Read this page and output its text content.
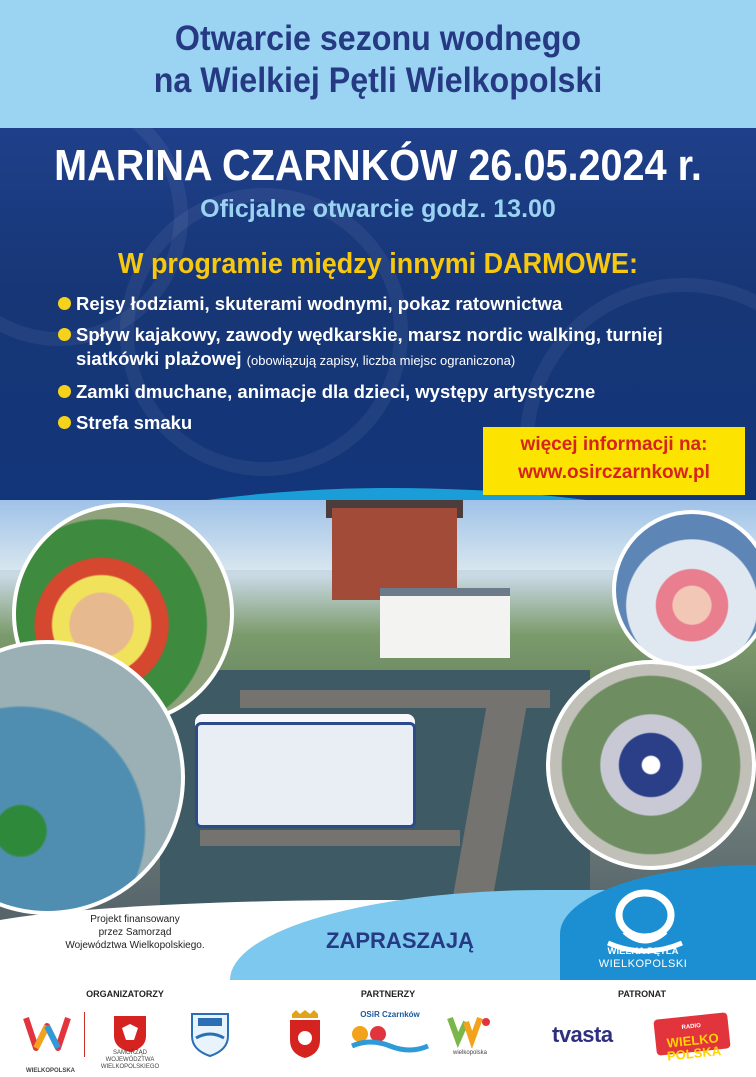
Otwarcie sezonu wodnego
na Wielkiej Pętli Wielkopolski
MARINA CZARNKÓW 26.05.2024 r.
Oficjalne otwarcie godz. 13.00
W programie między innymi DARMOWE:
Rejsy łodziami, skuterami wodnymi, pokaz ratownictwa
Spływ kajakowy, zawody wędkarskie, marsz nordic walking, turniej siatkówki plażowej (obowiązują zapisy, liczba miejsc ograniczona)
Zamki dmuchane, animacje dla dzieci, występy artystyczne
Strefa smaku
więcej informacji na:
www.osirczarnkow.pl
Projekt finansowany
przez Samorząd
Województwa Wielkopolskiego.	ZAPRASZAJĄ	WIELKA PĘTLA
WIELKOPOLSKI
ORGANIZATORZY	PARTNERZY	PATRONAT
WIELKOPOLSKA
SAMORZĄD
WOJEWÓDZTWA
WIELKOPOLSKIEGO
OSiR Czarnków
wielkopolska
tvasta	RADIO
WIELKO POLSKA
